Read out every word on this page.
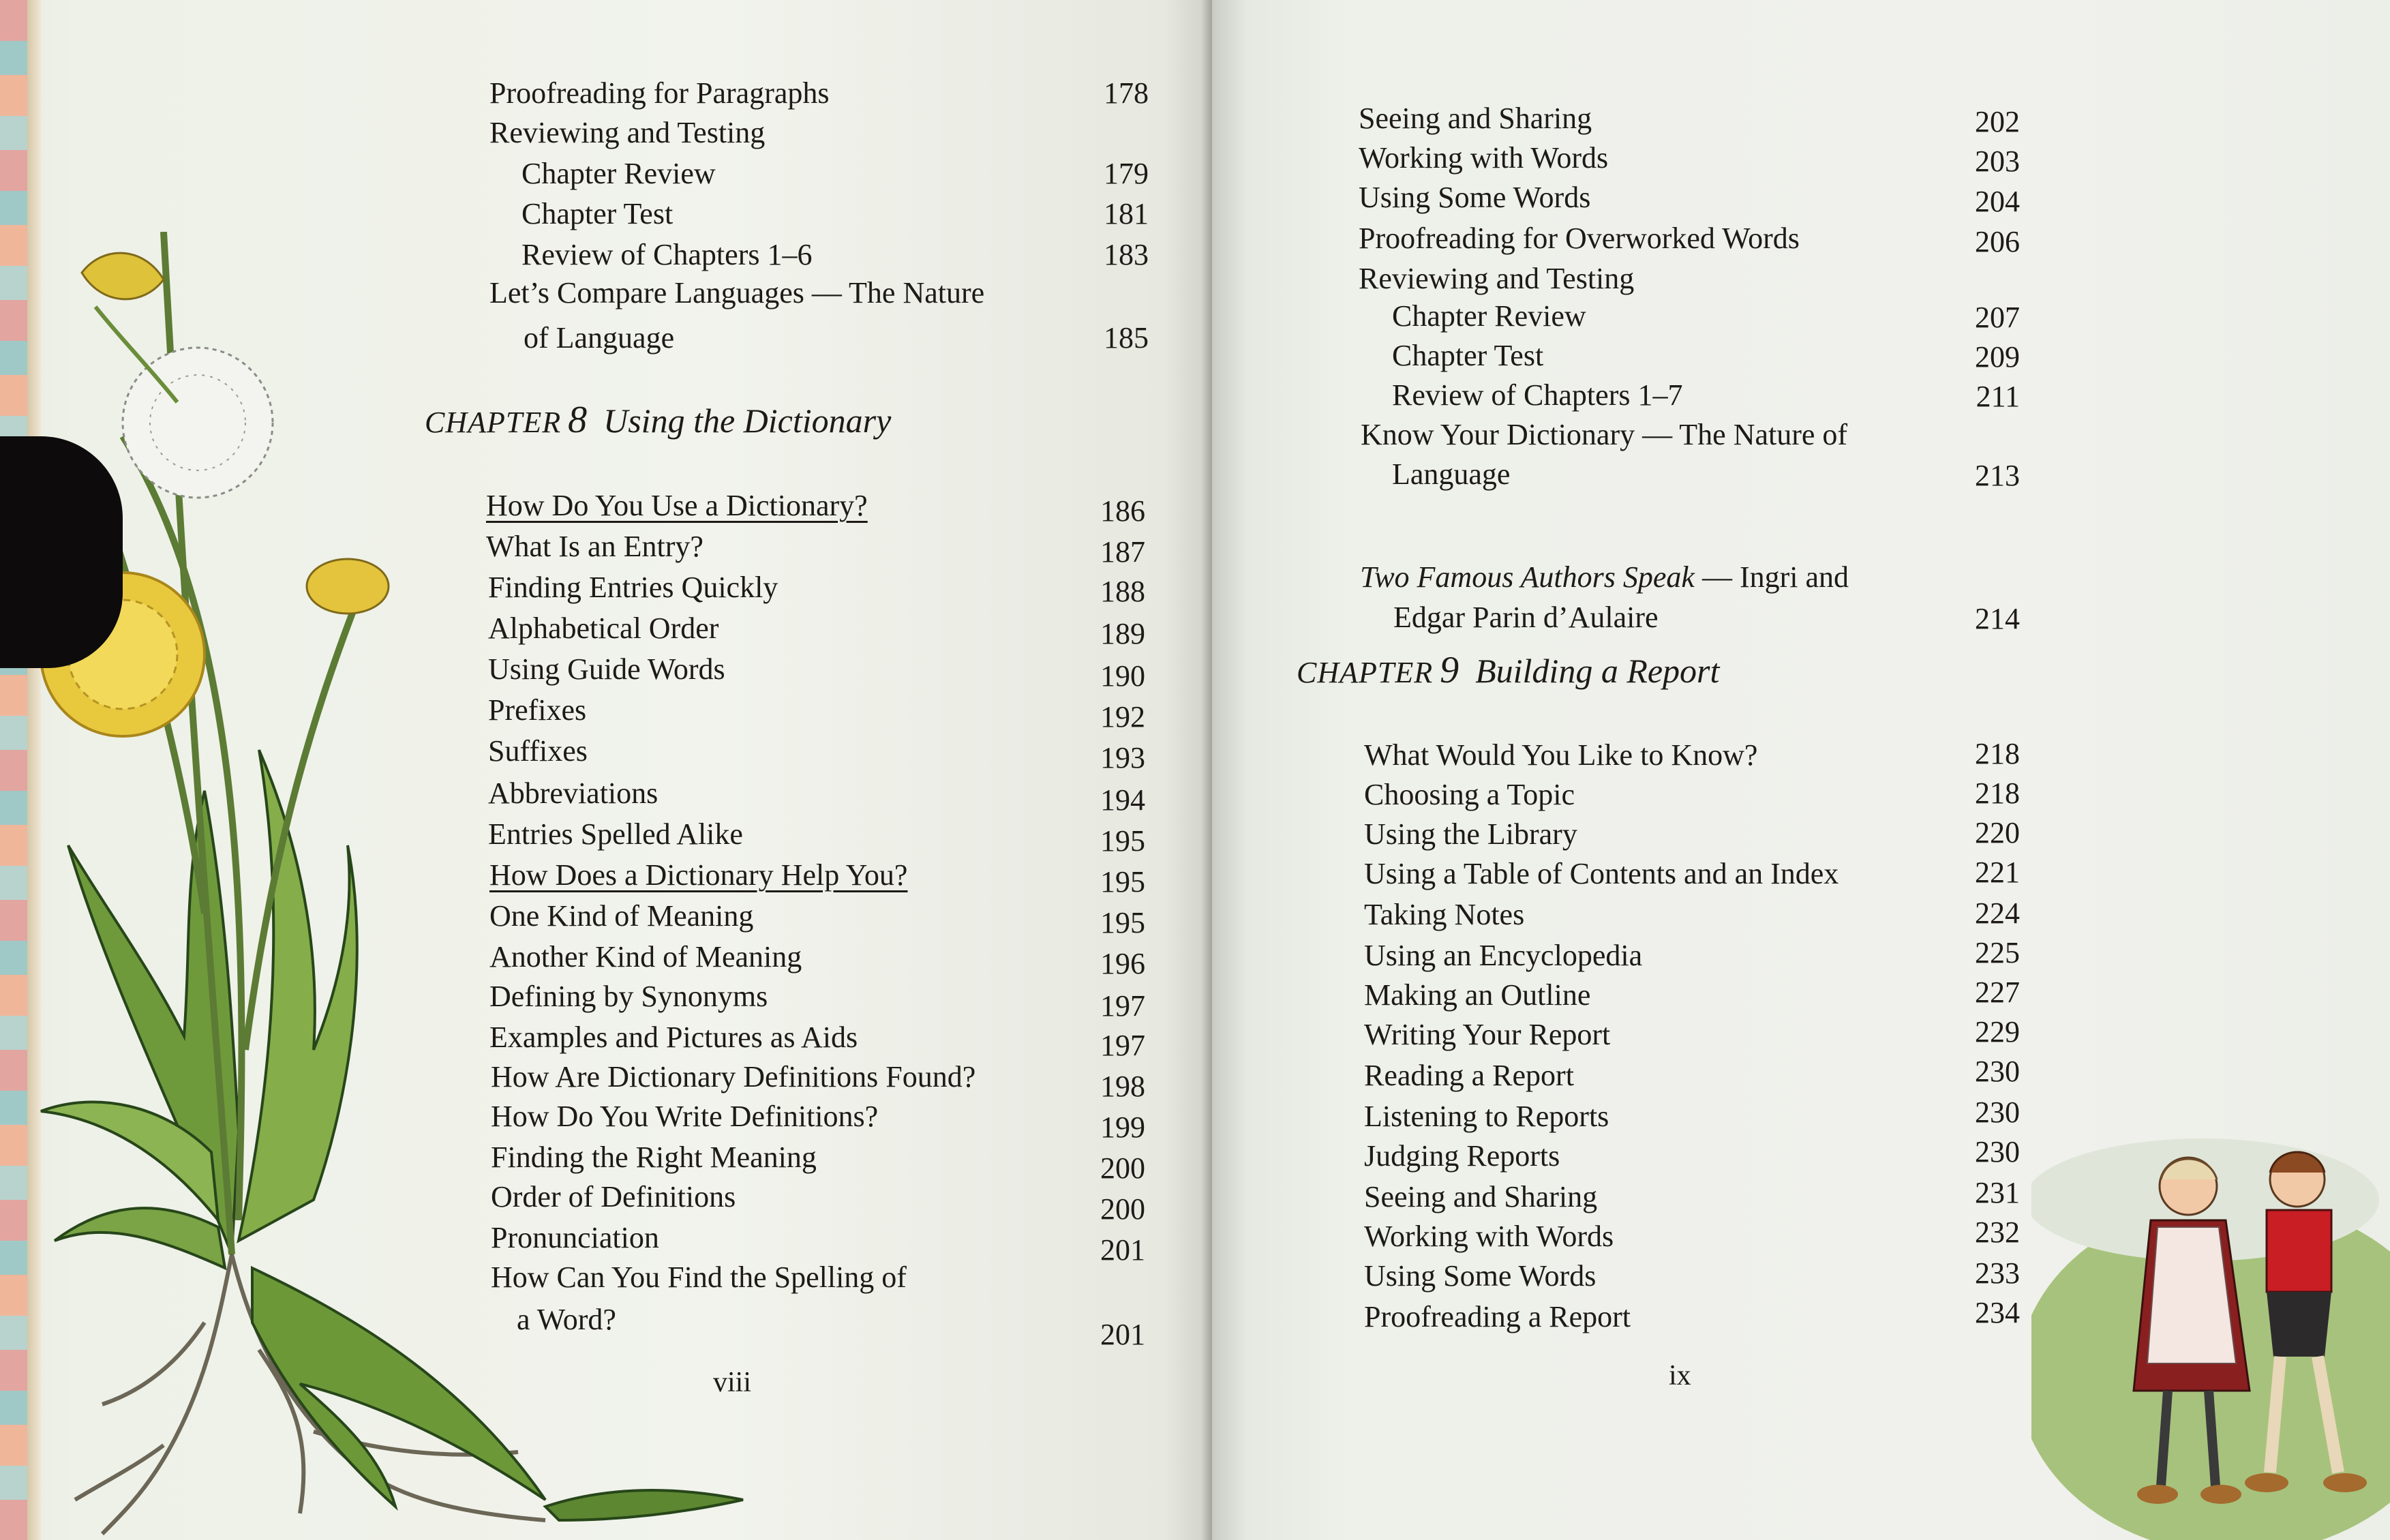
Proofreading for Paragraphs	178
Reviewing and Testing
Chapter Review	179
Chapter Test	181
Review of Chapters 1–6	183
Let’s Compare Languages — The Nature
of Language	185
CHAPTER 8 Using the Dictionary
How Do You Use a Dictionary?	186
What Is an Entry?	187
Finding Entries Quickly	188
Alphabetical Order	189
Using Guide Words	190
Prefixes	192
Suffixes	193
Abbreviations	194
Entries Spelled Alike	195
How Does a Dictionary Help You?	195
One Kind of Meaning	195
Another Kind of Meaning	196
Defining by Synonyms	197
Examples and Pictures as Aids	197
How Are Dictionary Definitions Found?	198
How Do You Write Definitions?	199
Finding the Right Meaning	200
Order of Definitions	200
Pronunciation	201
How Can You Find the Spelling of
a Word?	201
viii
Seeing and Sharing	202
Working with Words	203
Using Some Words	204
Proofreading for Overworked Words	206
Reviewing and Testing
Chapter Review	207
Chapter Test	209
Review of Chapters 1–7	211
Know Your Dictionary — The Nature of
Language	213
Two Famous Authors Speak — Ingri and
Edgar Parin d’Aulaire	214
CHAPTER 9 Building a Report
What Would You Like to Know?	218
Choosing a Topic	218
Using the Library	220
Using a Table of Contents and an Index	221
Taking Notes	224
Using an Encyclopedia	225
Making an Outline	227
Writing Your Report	229
Reading a Report	230
Listening to Reports	230
Judging Reports	230
Seeing and Sharing	231
Working with Words	232
Using Some Words	233
Proofreading a Report	234
ix
